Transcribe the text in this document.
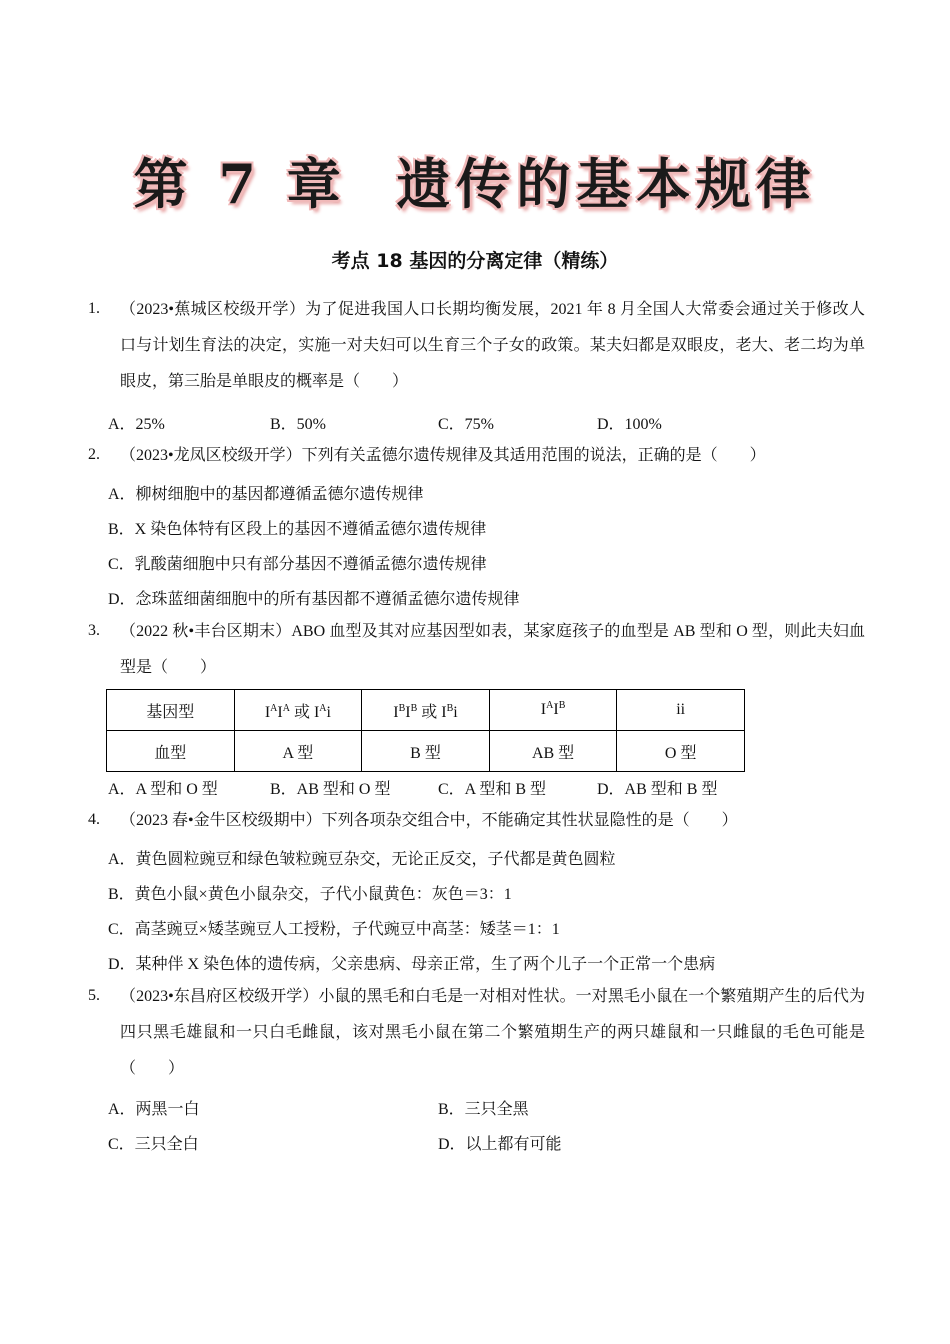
第 7 章  遗传的基本规律
考点 18 基因的分离定律（精练）
1. （2023•蕉城区校级开学）为了促进我国人口长期均衡发展，2021 年 8 月全国人大常委会通过关于修改人口与计划生育法的决定，实施一对夫妇可以生育三个子女的政策。某夫妇都是双眼皮，老大、老二均为单眼皮，第三胎是单眼皮的概率是（　　）
A．25%	B．50%	C．75%	D．100%
2. （2023•龙凤区校级开学）下列有关孟德尔遗传规律及其适用范围的说法，正确的是（　　）
A．柳树细胞中的基因都遵循孟德尔遗传规律
B．X 染色体特有区段上的基因不遵循孟德尔遗传规律
C．乳酸菌细胞中只有部分基因不遵循孟德尔遗传规律
D．念珠蓝细菌细胞中的所有基因都不遵循孟德尔遗传规律
3. （2022 秋•丰台区期末）ABO 血型及其对应基因型如表，某家庭孩子的血型是 AB 型和 O 型，则此夫妇血型是（　　）
基因型	$I^AI^A$ 或 $I^Ai$	$I^BI^B$ 或 $I^Bi$	$I^AI^B$	ii
血型	A 型	B 型	AB 型	O 型
A．A 型和 O 型	B．AB 型和 O 型	C．A 型和 B 型	D．AB 型和 B 型
4. （2023 春•金牛区校级期中）下列各项杂交组合中，不能确定其性状显隐性的是（　　）
A．黄色圆粒豌豆和绿色皱粒豌豆杂交，无论正反交，子代都是黄色圆粒
B．黄色小鼠×黄色小鼠杂交，子代小鼠黄色：灰色＝3：1
C．高茎豌豆×矮茎豌豆人工授粉，子代豌豆中高茎：矮茎＝1：1
D．某种伴 X 染色体的遗传病，父亲患病、母亲正常，生了两个儿子一个正常一个患病
5. （2023•东昌府区校级开学）小鼠的黑毛和白毛是一对相对性状。一对黑毛小鼠在一个繁殖期产生的后代为四只黑毛雄鼠和一只白毛雌鼠，该对黑毛小鼠在第二个繁殖期生产的两只雄鼠和一只雌鼠的毛色可能是（　　）
A．两黑一白	B．三只全黑
C．三只全白	D．以上都有可能
